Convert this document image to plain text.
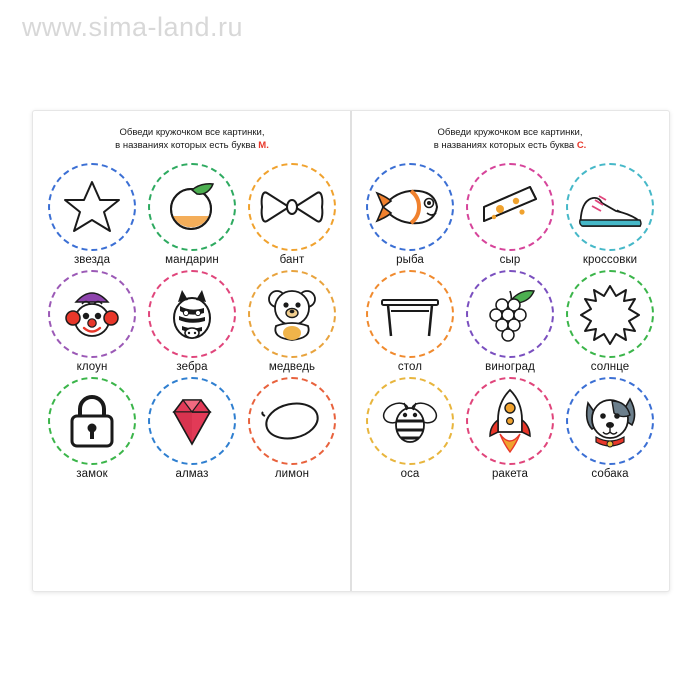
www.sima-land.ru
Обведи кружочком все картинки,
в названиях которых есть буква М.
звезда	мандарин	бант
клоун	зебра	медведь
замок	алмаз	лимон
Обведи кружочком все картинки,
в названиях которых есть буква С.
рыба	сыр	кроссовки
стол	виноград	солнце
оса	ракета	собака
